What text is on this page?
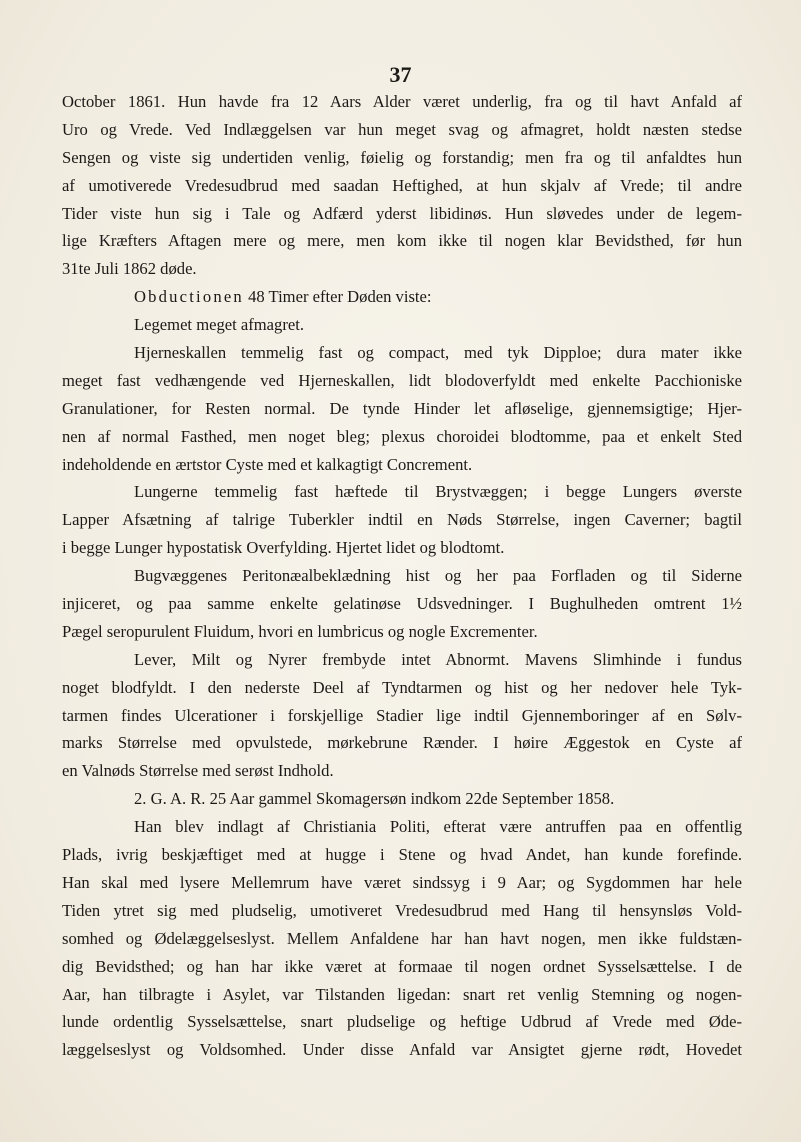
37
October 1861. Hun havde fra 12 Aars Alder været underlig, fra og til havt Anfald af
Uro og Vrede. Ved Indlæggelsen var hun meget svag og afmagret, holdt næsten stedse
Sengen og viste sig undertiden venlig, føielig og forstandig; men fra og til anfaldtes hun
af umotiverede Vredesudbrud med saadan Heftighed, at hun skjalv af Vrede; til andre
Tider viste hun sig i Tale og Adfærd yderst libidinøs. Hun sløvedes under de legem-
lige Kræfters Aftagen mere og mere, men kom ikke til nogen klar Bevidsthed, før hun
31te Juli 1862 døde.
Obductionen 48 Timer efter Døden viste:
Legemet meget afmagret.
Hjerneskallen temmelig fast og compact, med tyk Dipploe; dura mater ikke
meget fast vedhængende ved Hjerneskallen, lidt blodoverfyldt med enkelte Pacchioniske
Granulationer, for Resten normal. De tynde Hinder let afløselige, gjennemsigtige; Hjer-
nen af normal Fasthed, men noget bleg; plexus choroidei blodtomme, paa et enkelt Sted
indeholdende en ærtstor Cyste med et kalkagtigt Concrement.
Lungerne temmelig fast hæftede til Brystvæggen; i begge Lungers øverste
Lapper Afsætning af talrige Tuberkler indtil en Nøds Størrelse, ingen Caverner; bagtil
i begge Lunger hypostatisk Overfylding. Hjertet lidet og blodtomt.
Bugvæggenes Peritonæalbeklædning hist og her paa Forfladen og til Siderne
injiceret, og paa samme enkelte gelatinøse Udsvedninger. I Bughulheden omtrent 1½
Pægel seropurulent Fluidum, hvori en lumbricus og nogle Excrementer.
Lever, Milt og Nyrer frembyde intet Abnormt. Mavens Slimhinde i fundus
noget blodfyldt. I den nederste Deel af Tyndtarmen og hist og her nedover hele Tyk-
tarmen findes Ulcerationer i forskjellige Stadier lige indtil Gjennemboringer af en Sølv-
marks Størrelse med opvulstede, mørkebrune Rænder. I høire Æggestok en Cyste af
en Valnøds Størrelse med serøst Indhold.
2. G. A. R. 25 Aar gammel Skomagersøn indkom 22de September 1858.
Han blev indlagt af Christiania Politi, efterat være antruffen paa en offentlig
Plads, ivrig beskjæftiget med at hugge i Stene og hvad Andet, han kunde forefinde.
Han skal med lysere Mellemrum have været sindssyg i 9 Aar; og Sygdommen har hele
Tiden ytret sig med pludselig, umotiveret Vredesudbrud med Hang til hensynsløs Vold-
somhed og Ødelæggelseslyst. Mellem Anfaldene har han havt nogen, men ikke fuldstæn-
dig Bevidsthed; og han har ikke været at formaae til nogen ordnet Sysselsættelse. I de
Aar, han tilbragte i Asylet, var Tilstanden ligedan: snart ret venlig Stemning og nogen-
lunde ordentlig Sysselsættelse, snart pludselige og heftige Udbrud af Vrede med Øde-
læggelseslyst og Voldsomhed. Under disse Anfald var Ansigtet gjerne rødt, Hovedet
